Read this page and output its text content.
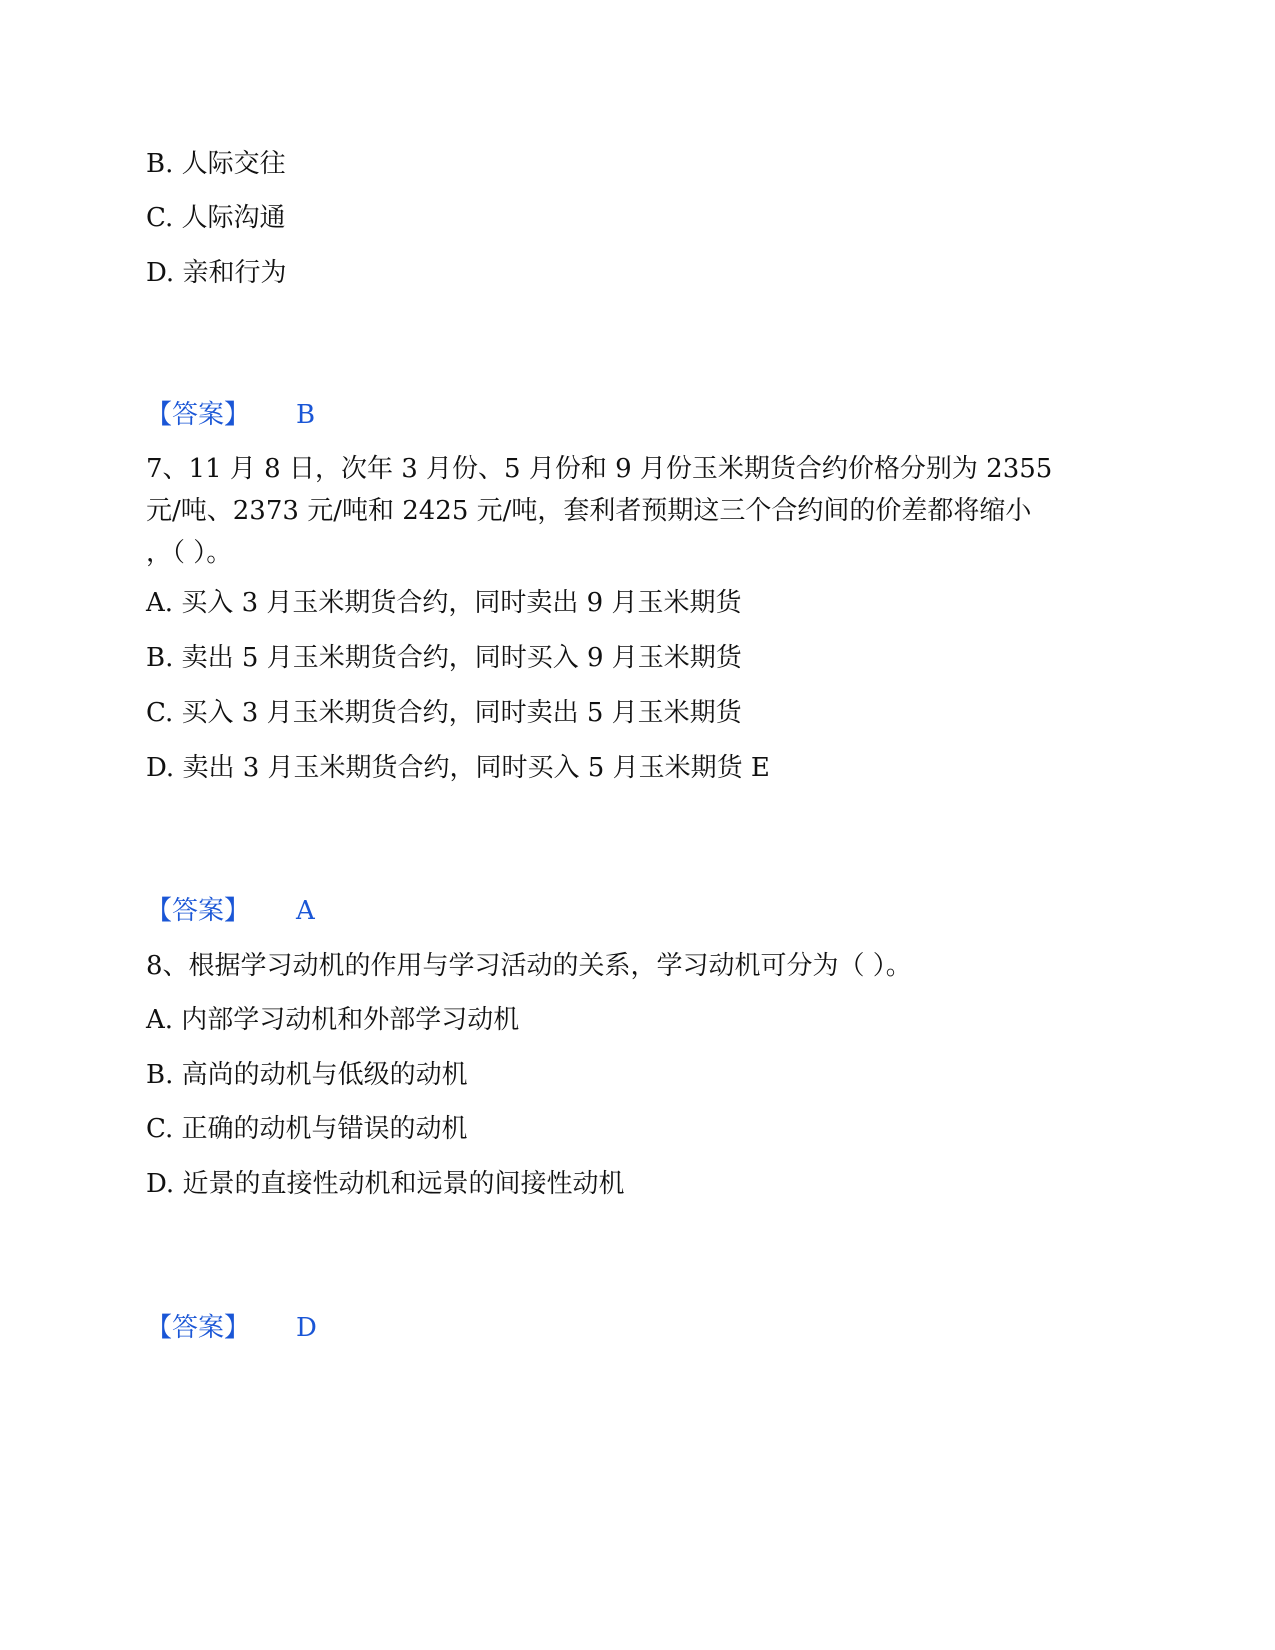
B. 人际交往

C. 人际沟通

D. 亲和行为

【答案】 B

7、11 月 8 日，次年 3 月份、5 月份和 9 月份玉米期货合约价格分别为 2355
元/吨、2373 元/吨和 2425 元/吨，套利者预期这三个合约间的价差都将缩小
，（ ）。

A. 买入 3 月玉米期货合约，同时卖出 9 月玉米期货

B. 卖出 5 月玉米期货合约，同时买入 9 月玉米期货

C. 买入 3 月玉米期货合约，同时卖出 5 月玉米期货

D. 卖出 3 月玉米期货合约，同时买入 5 月玉米期货 E

【答案】 A

8、根据学习动机的作用与学习活动的关系，学习动机可分为（ ）。

A. 内部学习动机和外部学习动机

B. 高尚的动机与低级的动机

C. 正确的动机与错误的动机

D. 近景的直接性动机和远景的间接性动机

【答案】 D
